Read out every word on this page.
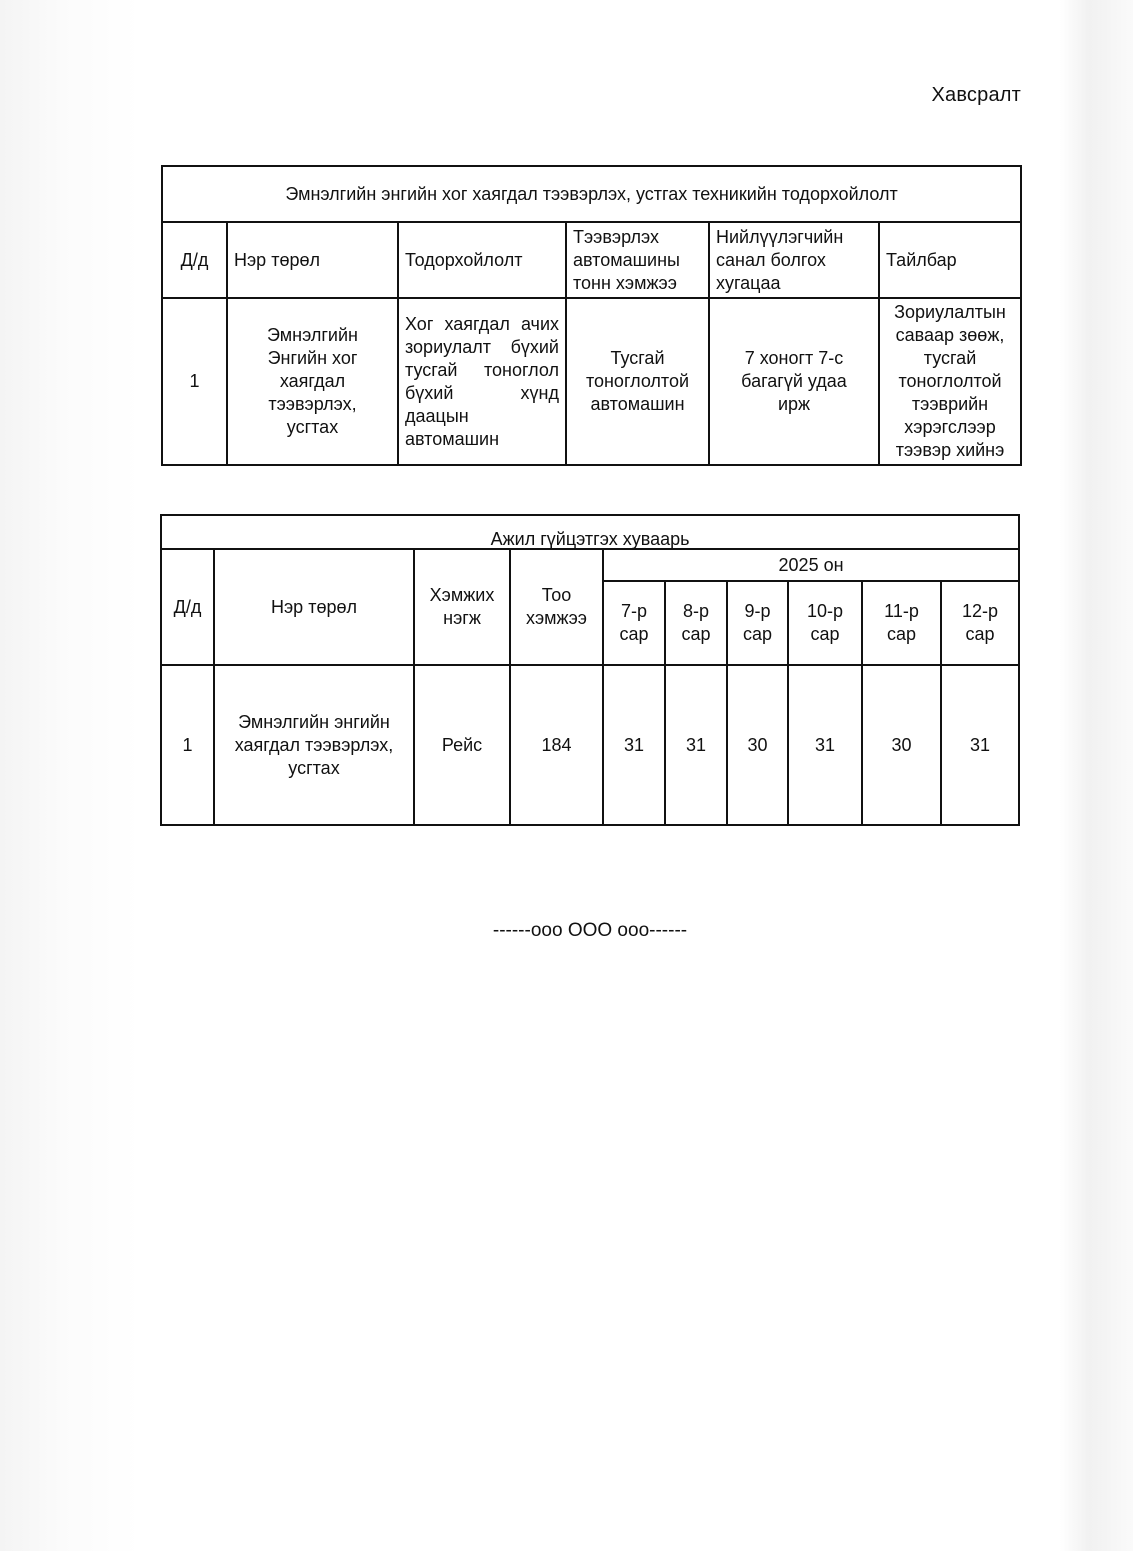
Хавсралт
Эмнэлгийн энгийн хог хаягдал тээвэрлэх, устгах техникийн тодорхойлолт					
Д/д	Нэр төрөл	Тодорхойлолт	Тээвэрлэх автомашины тонн хэмжээ	Нийлүүлэгчийн санал болгох хугацаа	Тайлбар
1	Эмнэлгийн Энгийн хог хаягдал тээвэрлэх, усгтах	Хог хаягдал ачих зориулалт бүхий тусгай тоноглол бүхий хүнд даацын автомашин	Тусгай тоноглолтой автомашин	7 хоногт 7-с багагүй удаа ирж	Зориулалтын саваар зөөж, тусгай тоноглолтой тээврийн хэрэгслээр тээвэр хийнэ
Ажил гүйцэтгэх хуваарь									
Д/д	Нэр төрөл	Хэмжих нэгж	Тоо хэмжээ	2025 он					
				7-р сар	8-р сар	9-р сар	10-р сар	11-р сар	12-р сар
1	Эмнэлгийн энгийн хаягдал тээвэрлэх, усгтах	Рейс	184	31	31	30	31	30	31
------ооо ООО ооо------
